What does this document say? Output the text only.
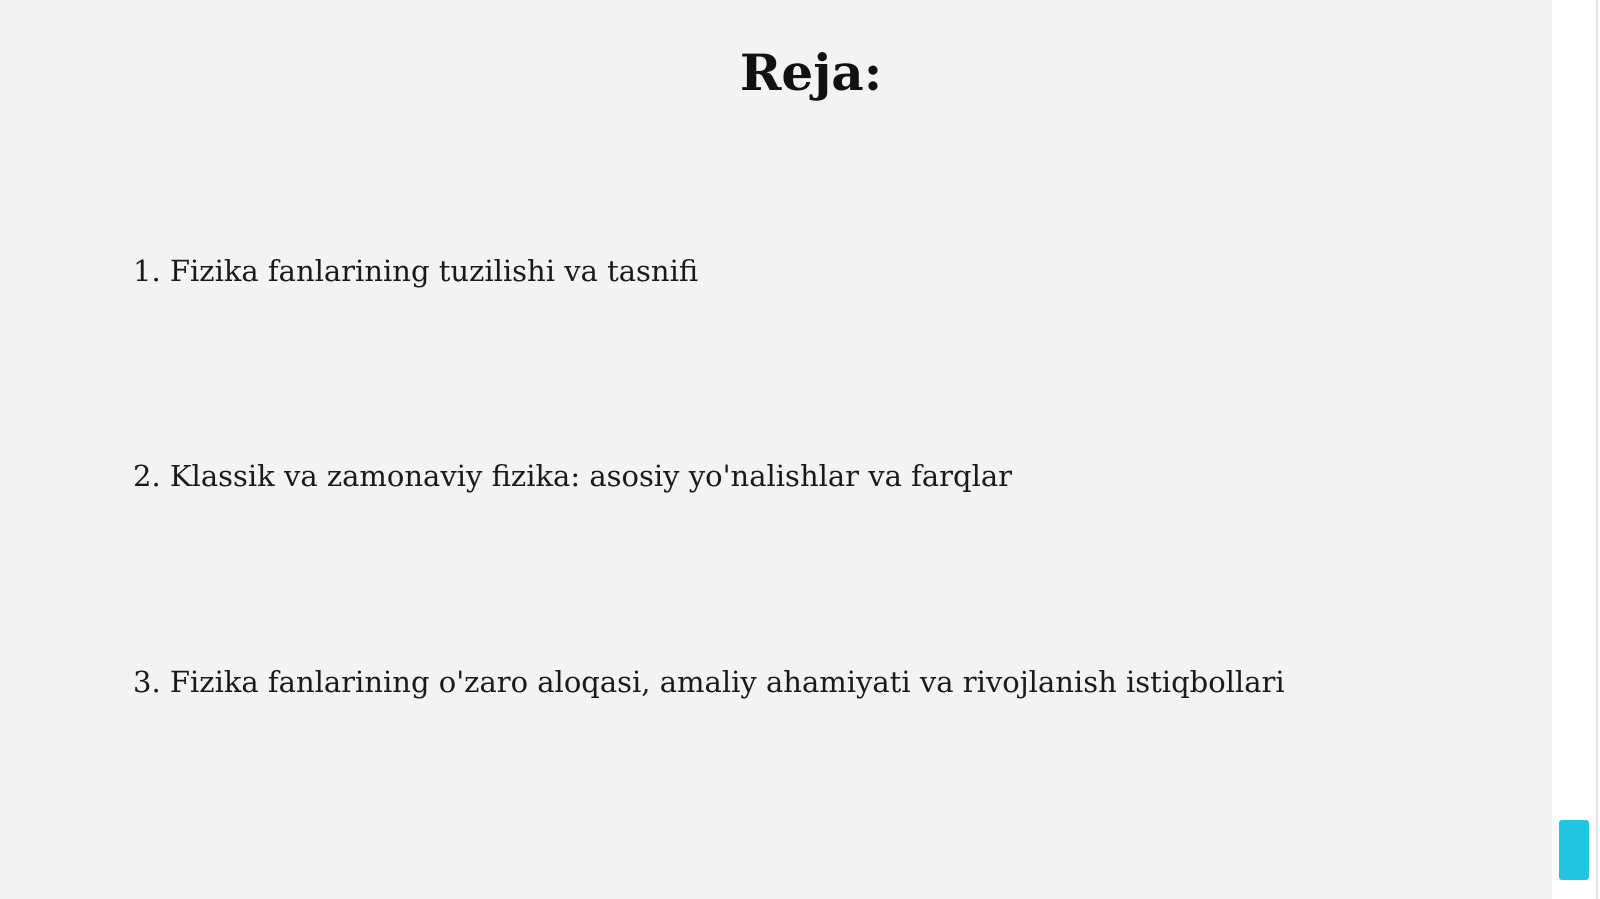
Reja:
1. Fizika fanlarining tuzilishi va tasnifi
2. Klassik va zamonaviy fizika: asosiy yo'nalishlar va farqlar
3. Fizika fanlarining o'zaro aloqasi, amaliy ahamiyati va rivojlanish istiqbollari
